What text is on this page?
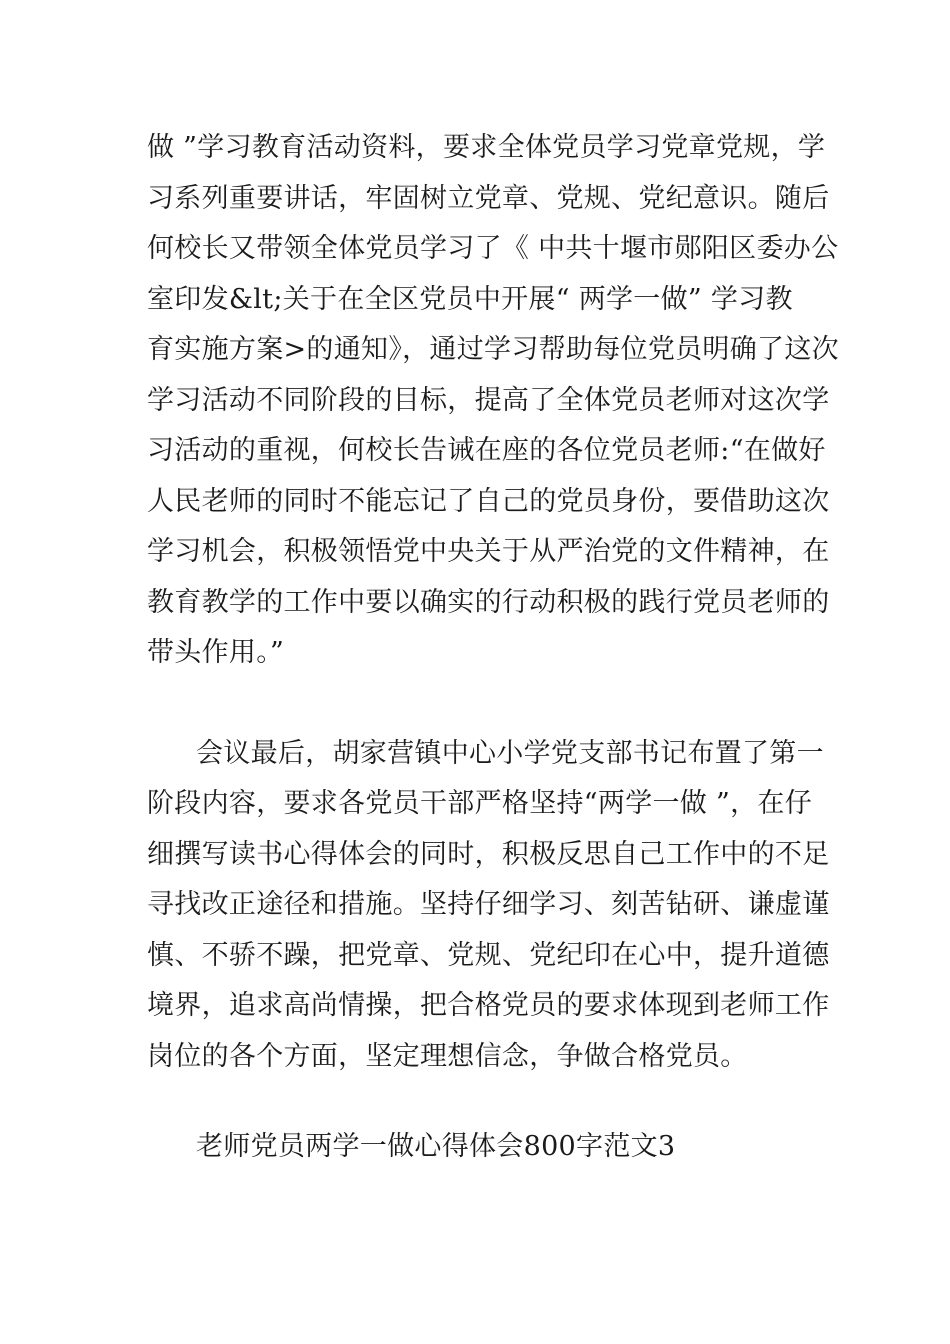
做 ”学习教育活动资料，要求全体党员学习党章党规，学
习系列重要讲话，牢固树立党章、党规、党纪意识。随后
何校长又带领全体党员学习了《 中共十堰市郧阳区委办公
室印发&lt;关于在全区党员中开展“ 两学一做” 学习教
育实施方案>的通知》，通过学习帮助每位党员明确了这次
学习活动不同阶段的目标，提高了全体党员老师对这次学
习活动的重视，何校长告诫在座的各位党员老师:“在做好
人民老师的同时不能忘记了自己的党员身份，要借助这次
学习机会，积极领悟党中央关于从严治党的文件精神，在
教育教学的工作中要以确实的行动积极的践行党员老师的
带头作用。”
会议最后，胡家营镇中心小学党支部书记布置了第一
阶段内容，要求各党员干部严格坚持“两学一做 ”，在仔
细撰写读书心得体会的同时，积极反思自己工作中的不足
寻找改正途径和措施。坚持仔细学习、刻苦钻研、谦虚谨
慎、不骄不躁，把党章、党规、党纪印在心中，提升道德
境界，追求高尚情操，把合格党员的要求体现到老师工作
岗位的各个方面，坚定理想信念，争做合格党员。
老师党员两学一做心得体会800字范文3
